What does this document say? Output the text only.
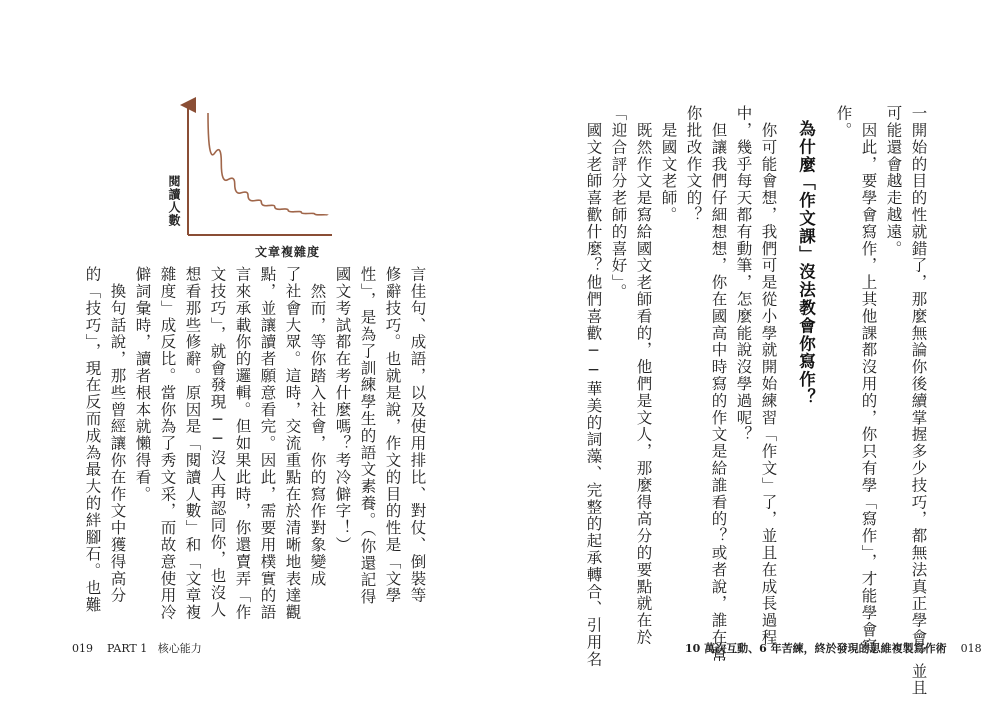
閱讀人數
文章複雜度
言佳句、成語，以及使用排比、對仗、倒裝等
修辭技巧。也就是說，作文的目的性是「文學
性」，是為了訓練學生的語文素養。（你還記得
國文考試都在考什麼嗎？考冷僻字！）
　然而，等你踏入社會，你的寫作對象變成
了社會大眾。這時，交流重點在於清晰地表達觀
點，並讓讀者願意看完。因此，需要用樸實的語
言來承載你的邏輯。但如果此時，你還賣弄「作
文技巧」，就會發現──沒人再認同你，也沒人
想看那些修辭。原因是「閱讀人數」和「文章複
雜度」成反比。當你為了秀文采，而故意使用冷
僻詞彙時，讀者根本就懶得看。
　換句話說，那些曾經讓你在作文中獲得高分
的「技巧」，現在反而成為最大的絆腳石。也難
019 PART 1 核心能力	一開始的目的性就錯了，那麼無論你後續掌握多少技巧，都無法真正學會，並且
可能還會越走越遠。
　因此，要學會寫作，上其他課都沒用的，你只有學「寫作」，才能學會寫
作。
為什麼「作文課」沒法教會你寫作？
　你可能會想，我們可是從小學就開始練習「作文」了，並且在成長過程
中，幾乎每天都有動筆，怎麼能說沒學過呢？
　但讓我們仔細想想，你在國高中時寫的作文是給誰看的？或者說，誰在幫
你批改作文的？
　是國文老師。
　既然作文是寫給國文老師看的，他們是文人，那麼得高分的要點就在於
「迎合評分老師的喜好」。
　國文老師喜歡什麼？他們喜歡──華美的詞藻、完整的起承轉合、引用名	10 萬次互動、6 年苦練，終於發現的思維複製寫作術 018
